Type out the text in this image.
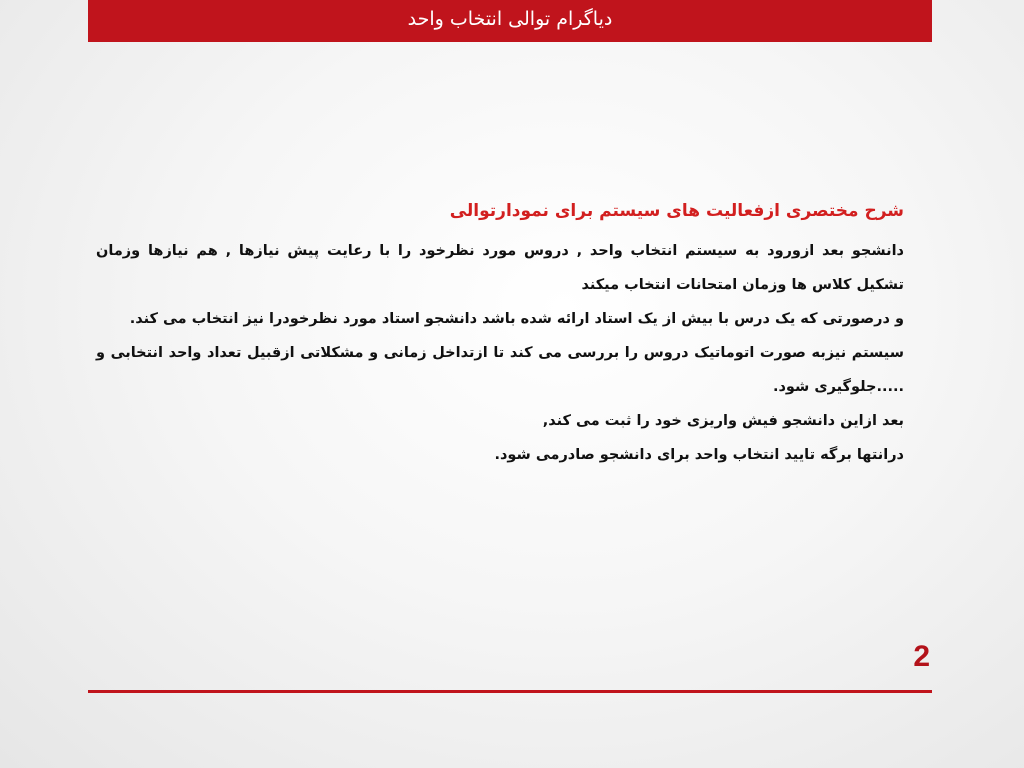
دیاگرام توالی انتخاب واحد

شرح مختصری ازفعالیت های سیستم برای نمودارتوالی

دانشجو بعد ازورود به سیستم انتخاب واحد , دروس مورد نظرخود را با رعایت پیش نیازها , هم نیازها وزمان تشکیل کلاس ها وزمان امتحانات انتخاب میکند

و درصورتی که یک درس با بیش از یک استاد ارائه شده باشد دانشجو استاد مورد نظرخودرا نیز انتخاب می کند.

سیستم نیزبه صورت اتوماتیک دروس را بررسی می کند تا ازتداخل زمانی و مشکلاتی ازقبیل تعداد واحد انتخابی و .....جلوگیری شود.

بعد ازاین دانشجو فیش واریزی خود را ثبت می کند,

درانتها برگه تایید انتخاب واحد برای دانشجو صادرمی شود.

2
